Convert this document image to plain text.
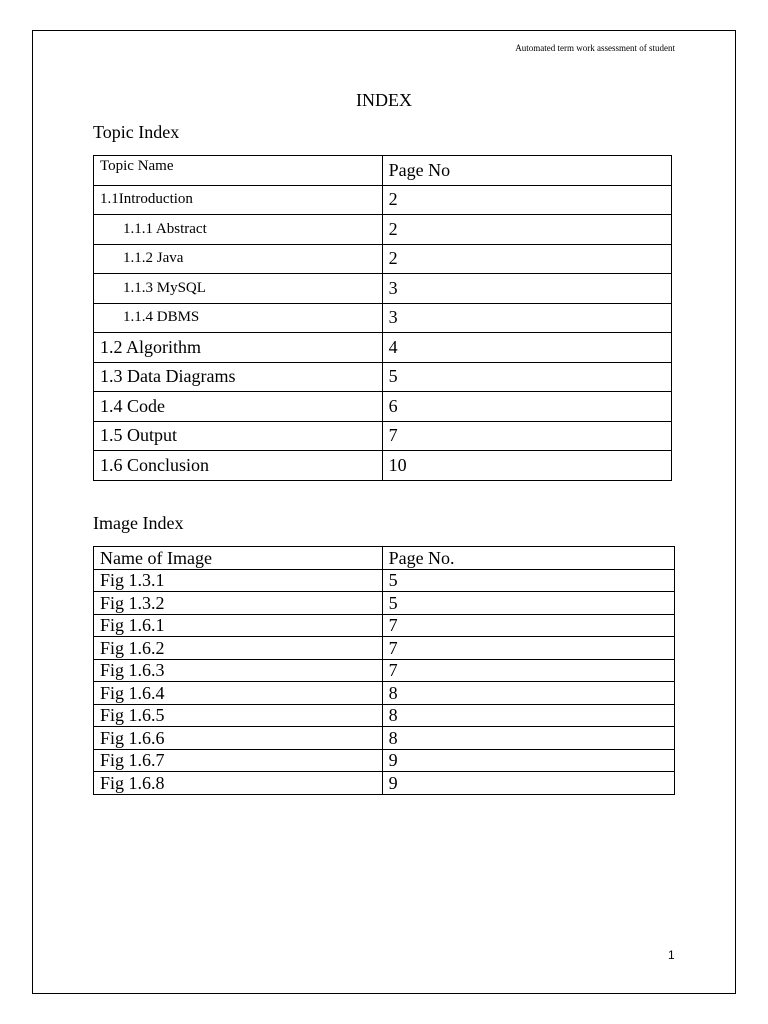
Automated term work assessment of student
INDEX
Topic Index
Topic Name	Page No
1.1Introduction	2
1.1.1 Abstract	2
1.1.2 Java	2
1.1.3 MySQL	3
1.1.4 DBMS	3
1.2 Algorithm	4
1.3 Data Diagrams	5
1.4 Code	6
1.5 Output	7
1.6 Conclusion	10
Image Index
Name of Image	Page No.
Fig 1.3.1	5
Fig 1.3.2	5
Fig 1.6.1	7
Fig 1.6.2	7
Fig 1.6.3	7
Fig 1.6.4	8
Fig 1.6.5	8
Fig 1.6.6	8
Fig 1.6.7	9
Fig 1.6.8	9
1
